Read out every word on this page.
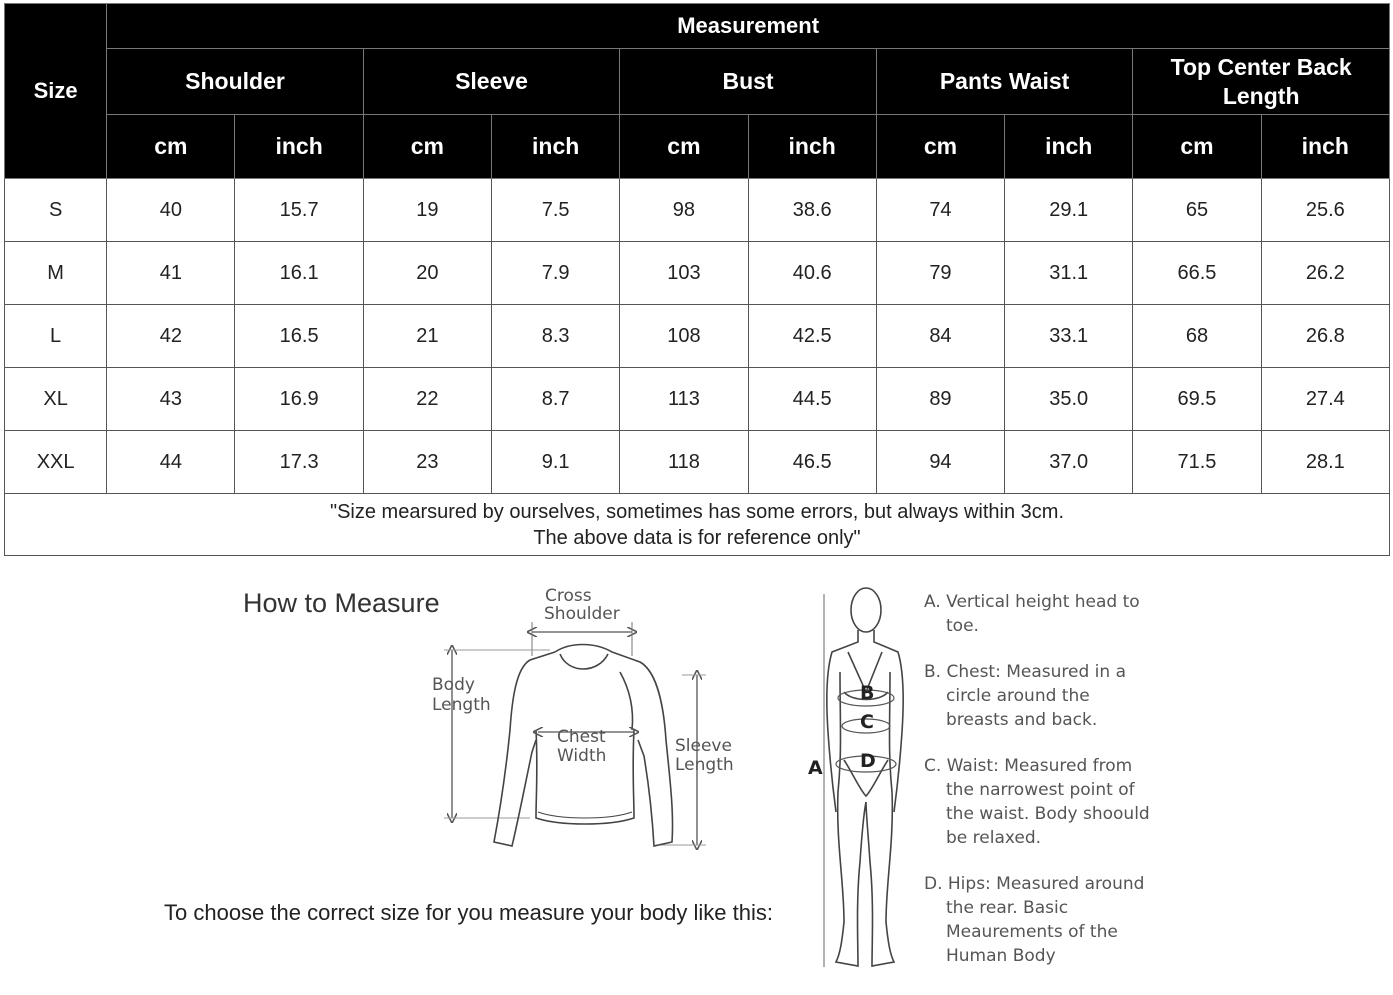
Size	Measurement									
	Shoulder		Sleeve		Bust		Pants Waist		Top Center Back Length	
	cm	inch	cm	inch	cm	inch	cm	inch	cm	inch
S	40	15.7	19	7.5	98	38.6	74	29.1	65	25.6
M	41	16.1	20	7.9	103	40.6	79	31.1	66.5	26.2
L	42	16.5	21	8.3	108	42.5	84	33.1	68	26.8
XL	43	16.9	22	8.7	113	44.5	89	35.0	69.5	27.4
XXL	44	17.3	23	9.1	118	46.5	94	37.0	71.5	28.1

"Size mearsured by ourselves, sometimes has some errors, but always within 3cm.
The above data is for reference only"										
How to Measure
To choose the correct size for you measure your body like this:
Cross
Shoulder
Body
Length
Sleeve
Length
Chest
Width
B
C
D
A
A. Vertical height head to toe.
B. Chest: Measured in a circle around the breasts and back.
C. Waist: Measured from the narrowest point of the waist. Body shoould be relaxed.
D. Hips: Measured around the rear. Basic Meaurements of the Human Body
